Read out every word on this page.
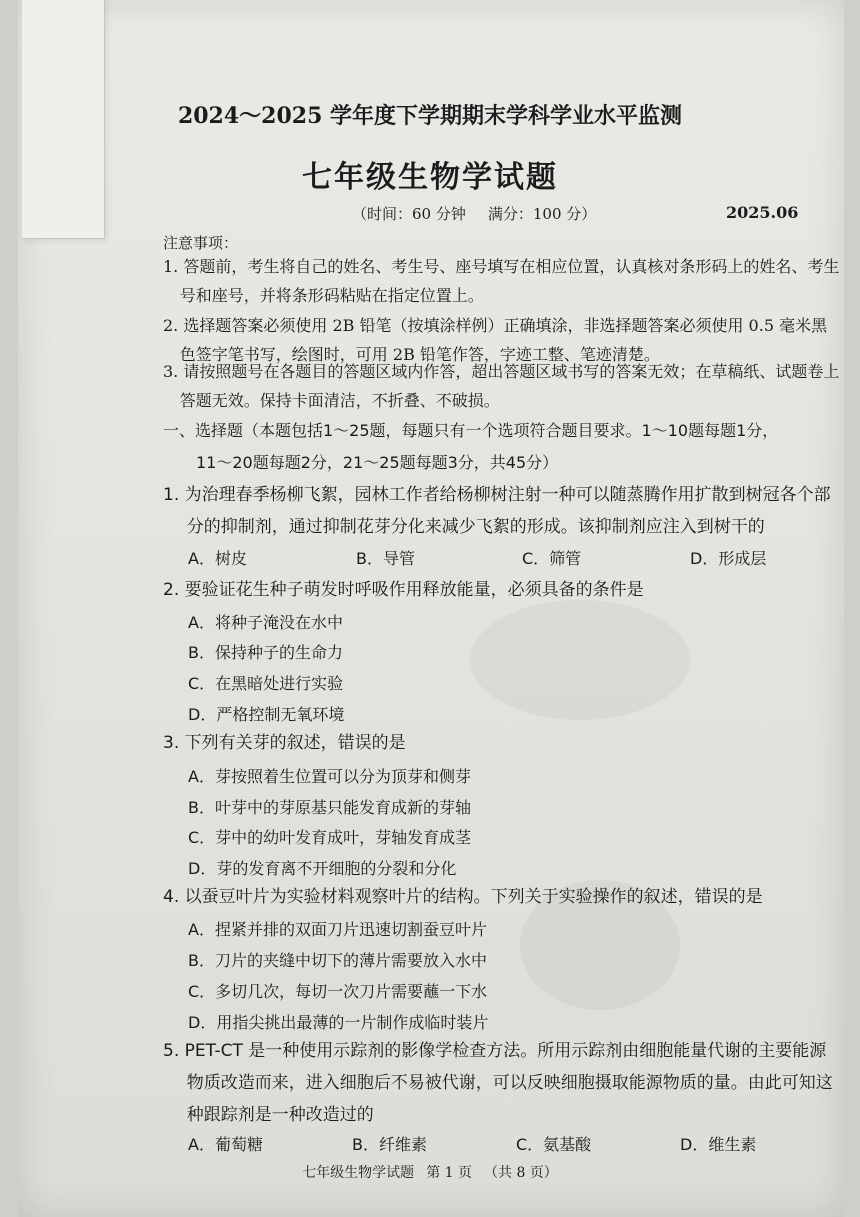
2024～2025 学年度下学期期末学科学业水平监测
七年级生物学试题
（时间：60 分钟 满分：100 分）	2025.06
注意事项：
1. 答题前，考生将自己的姓名、考生号、座号填写在相应位置，认真核对条形码上的姓名、考生号和座号，并将条形码粘贴在指定位置上。
2. 选择题答案必须使用 2B 铅笔（按填涂样例）正确填涂，非选择题答案必须使用 0.5 毫米黑色签字笔书写，绘图时，可用 2B 铅笔作答，字迹工整、笔迹清楚。
3. 请按照题号在各题目的答题区域内作答，超出答题区域书写的答案无效；在草稿纸、试题卷上答题无效。保持卡面清洁，不折叠、不破损。
一、选择题（本题包括1～25题，每题只有一个选项符合题目要求。1～10题每题1分，
11～20题每题2分，21～25题每题3分，共45分）
1. 为治理春季杨柳飞絮，园林工作者给杨柳树注射一种可以随蒸腾作用扩散到树冠各个部分的抑制剂，通过抑制花芽分化来减少飞絮的形成。该抑制剂应注入到树干的
A．树皮	B．导管	C．筛管	D．形成层
2. 要验证花生种子萌发时呼吸作用释放能量，必须具备的条件是
A．将种子淹没在水中
B．保持种子的生命力
C．在黑暗处进行实验
D．严格控制无氧环境
3. 下列有关芽的叙述，错误的是
A．芽按照着生位置可以分为顶芽和侧芽
B．叶芽中的芽原基只能发育成新的芽轴
C．芽中的幼叶发育成叶，芽轴发育成茎
D．芽的发育离不开细胞的分裂和分化
4. 以蚕豆叶片为实验材料观察叶片的结构。下列关于实验操作的叙述，错误的是
A．捏紧并排的双面刀片迅速切割蚕豆叶片
B．刀片的夹缝中切下的薄片需要放入水中
C．多切几次，每切一次刀片需要蘸一下水
D．用指尖挑出最薄的一片制作成临时装片
5. PET-CT 是一种使用示踪剂的影像学检查方法。所用示踪剂由细胞能量代谢的主要能源物质改造而来，进入细胞后不易被代谢，可以反映细胞摄取能源物质的量。由此可知这种跟踪剂是一种改造过的
A．葡萄糖	B．纤维素	C．氨基酸	D．维生素
七年级生物学试题 第 1 页 （共 8 页）
